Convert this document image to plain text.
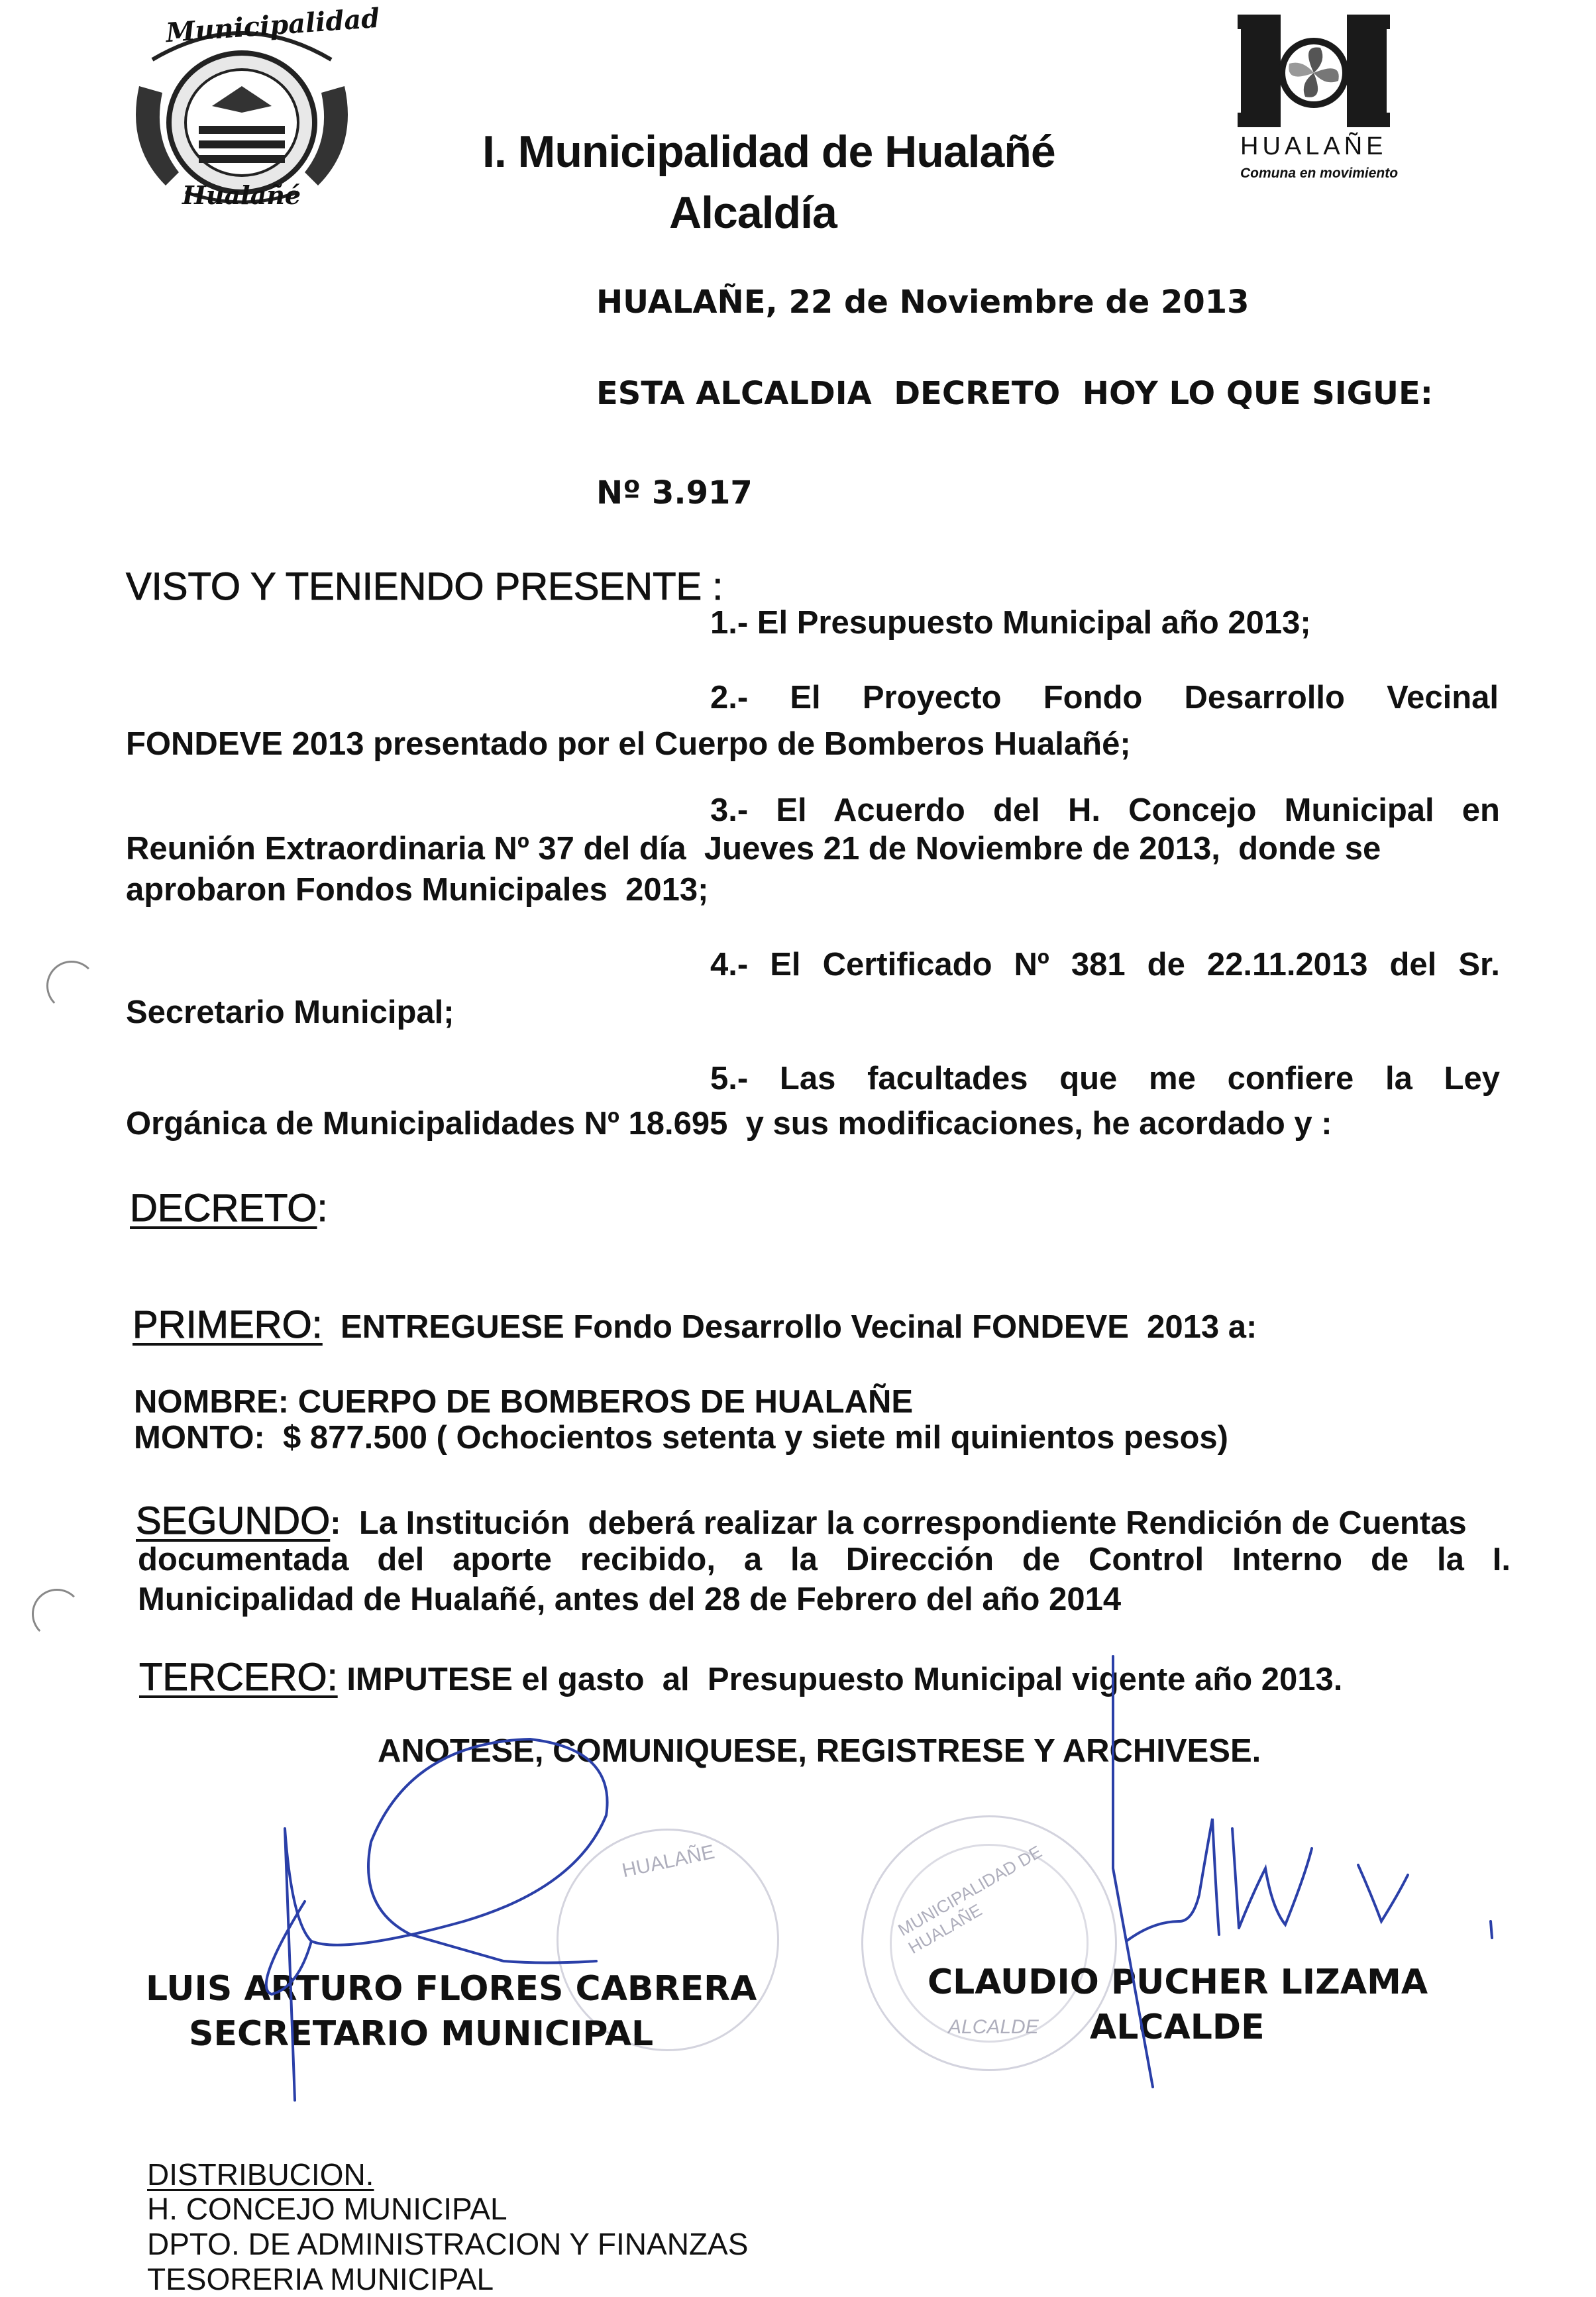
Municipalidad

Hualañé

I. Municipalidad de Hualañé

Alcaldía

HUALAÑE

Comuna en movimiento

HUALAÑE, 22 de Noviembre de 2013

ESTA ALCALDIA  DECRETO  HOY LO QUE SIGUE:

Nº 3.917

VISTO Y TENIENDO PRESENTE :

1.- El Presupuesto Municipal año 2013;

2.- El Proyecto Fondo Desarrollo Vecinal

FONDEVE 2013 presentado por el Cuerpo de Bomberos Hualañé;

3.- El Acuerdo del H. Concejo Municipal en

Reunión Extraordinaria Nº 37 del día  Jueves 21 de Noviembre de 2013,  donde se

aprobaron Fondos Municipales  2013;

4.- El Certificado Nº 381 de 22.11.2013 del Sr.

Secretario Municipal;

5.- Las facultades que me confiere la Ley

Orgánica de Municipalidades Nº 18.695  y sus modificaciones, he acordado y :

DECRETO:

PRIMERO: ENTREGUESE Fondo Desarrollo Vecinal FONDEVE  2013 a:

NOMBRE: CUERPO DE BOMBEROS DE HUALAÑE

MONTO:  $ 877.500 ( Ochocientos setenta y siete mil quinientos pesos)

SEGUNDO: La Institución  deberá realizar la correspondiente Rendición de Cuentas

documentada del aporte recibido, a la Dirección de Control Interno de la I.

Municipalidad de Hualañé, antes del 28 de Febrero del año 2014

TERCERO: IMPUTESE el gasto  al  Presupuesto Municipal vigente año 2013.

ANOTESE, COMUNIQUESE, REGISTRESE Y ARCHIVESE.

HUALAÑE	MUNICIPALIDAD DE HUALAÑE
ALCALDE

LUIS ARTURO FLORES CABRERA

SECRETARIO MUNICIPAL

CLAUDIO PUCHER LIZAMA

ALCALDE

DISTRIBUCION.

H. CONCEJO MUNICIPAL

DPTO. DE ADMINISTRACION Y FINANZAS

TESORERIA MUNICIPAL
